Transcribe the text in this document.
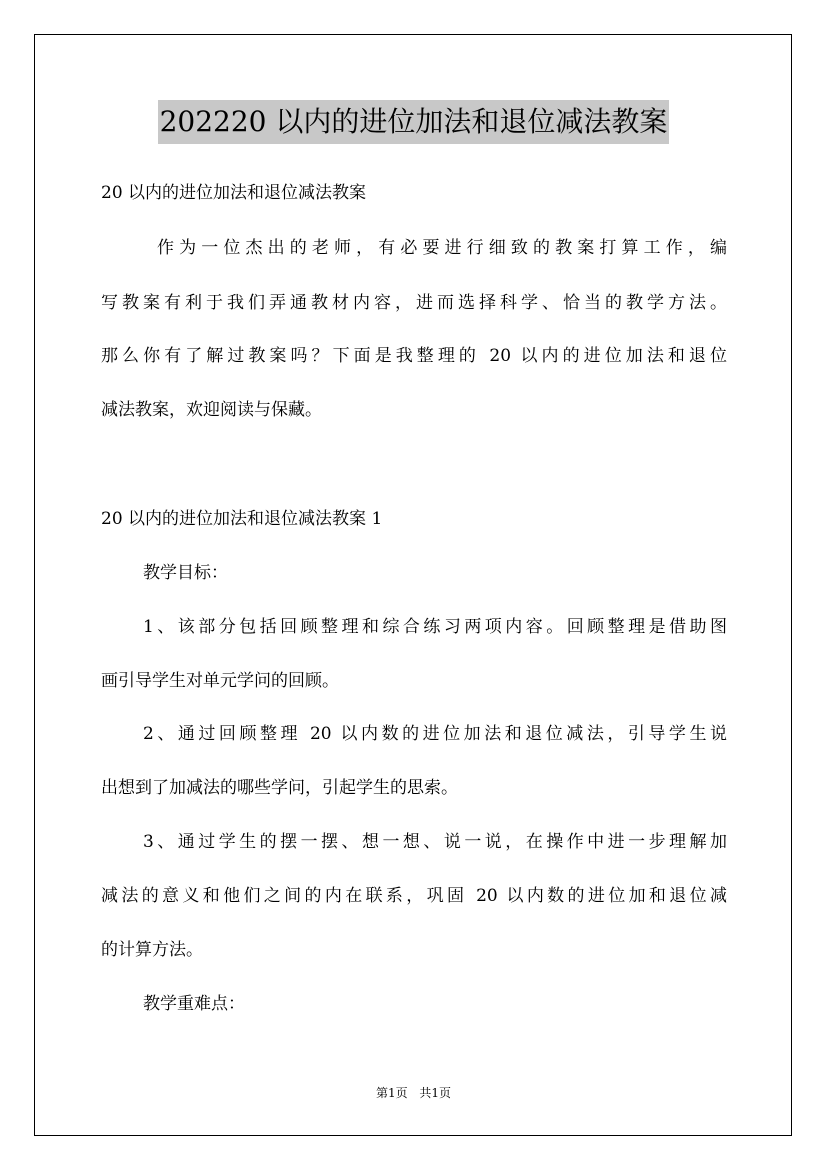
202220 以内的进位加法和退位减法教案
20 以内的进位加法和退位减法教案
作为一位杰出的老师，有必要进行细致的教案打算工作，编
写教案有利于我们弄通教材内容，进而选择科学、恰当的教学方法。
那么你有了解过教案吗？下面是我整理的 20 以内的进位加法和退位
减法教案，欢迎阅读与保藏。
20 以内的进位加法和退位减法教案 1
教学目标：
1、该部分包括回顾整理和综合练习两项内容。回顾整理是借助图
画引导学生对单元学问的回顾。
2、通过回顾整理 20 以内数的进位加法和退位减法，引导学生说
出想到了加减法的哪些学问，引起学生的思索。
3、通过学生的摆一摆、想一想、说一说，在操作中进一步理解加
减法的意义和他们之间的内在联系，巩固 20 以内数的进位加和退位减
的计算方法。
教学重难点：
第1页 共1页
